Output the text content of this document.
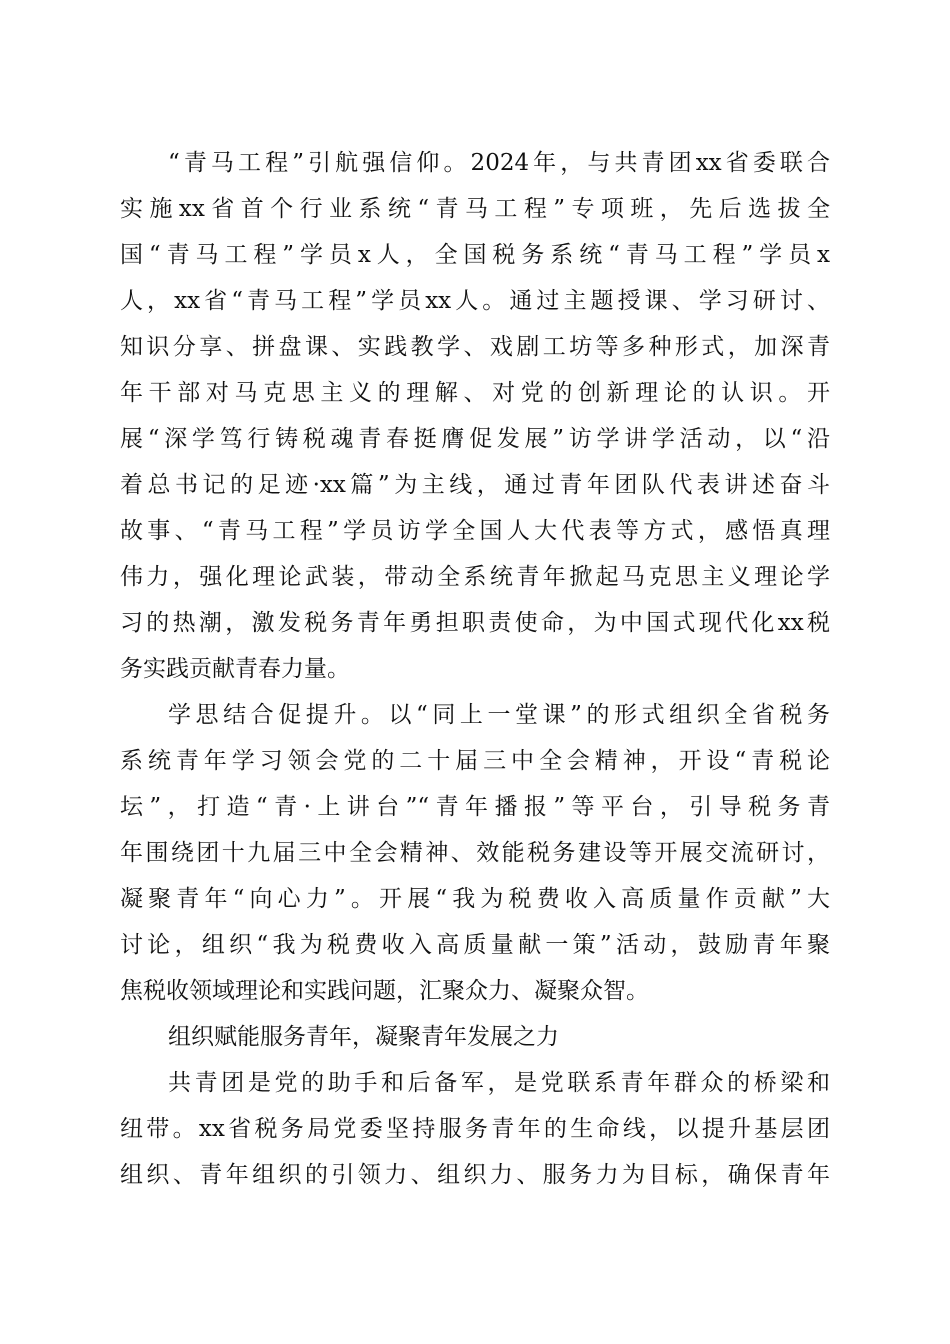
“青马工程”引航强信仰。2024年，与共青团xx省委联合
实施xx省首个行业系统“青马工程”专项班，先后选拔全
国“青马工程”学员x人，全国税务系统“青马工程”学员x
人，xx省“青马工程”学员xx人。通过主题授课、学习研讨、
知识分享、拼盘课、实践教学、戏剧工坊等多种形式，加深青
年干部对马克思主义的理解、对党的创新理论的认识。开
展“深学笃行铸税魂青春挺膺促发展”访学讲学活动，以“沿
着总书记的足迹·xx篇”为主线，通过青年团队代表讲述奋斗
故事、“青马工程”学员访学全国人大代表等方式，感悟真理
伟力，强化理论武装，带动全系统青年掀起马克思主义理论学
习的热潮，激发税务青年勇担职责使命，为中国式现代化xx税
务实践贡献青春力量。
学思结合促提升。以“同上一堂课”的形式组织全省税务
系统青年学习领会党的二十届三中全会精神，开设“青税论
坛”，打造“青·上讲台”“青年播报”等平台，引导税务青
年围绕团十九届三中全会精神、效能税务建设等开展交流研讨，
凝聚青年“向心力”。开展“我为税费收入高质量作贡献”大
讨论，组织“我为税费收入高质量献一策”活动，鼓励青年聚
焦税收领域理论和实践问题，汇聚众力、凝聚众智。
组织赋能服务青年，凝聚青年发展之力
共青团是党的助手和后备军，是党联系青年群众的桥梁和
纽带。xx省税务局党委坚持服务青年的生命线，以提升基层团
组织、青年组织的引领力、组织力、服务力为目标，确保青年
